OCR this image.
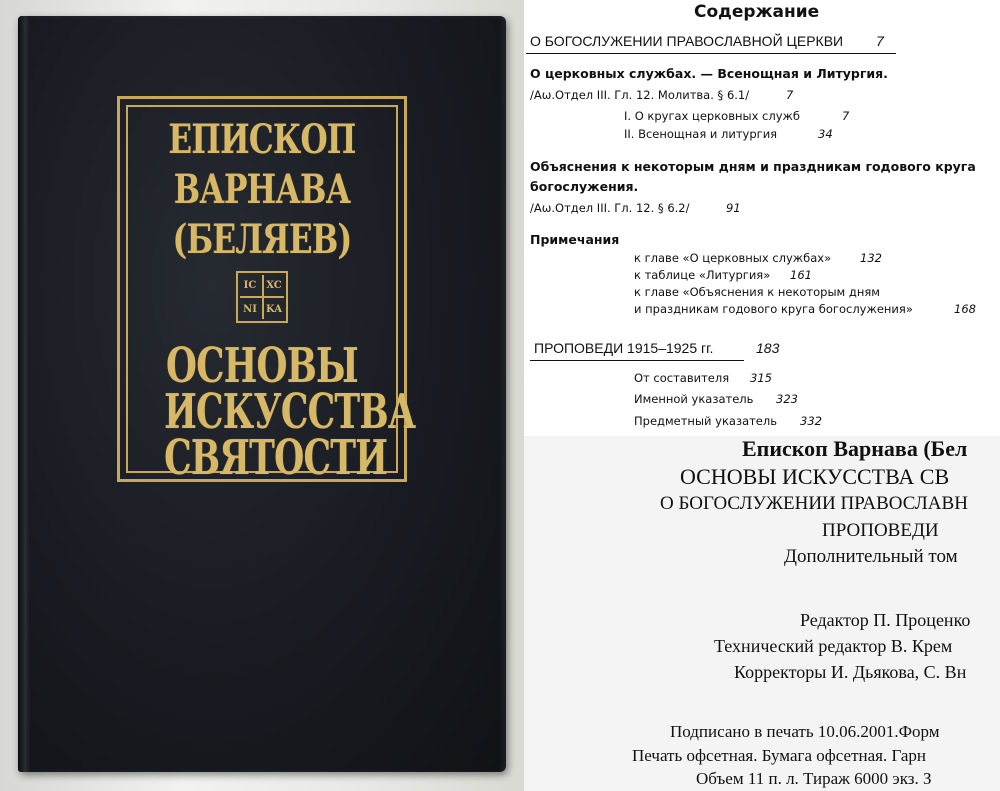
ЕПИСКОП
ВАРНАВА
(БЕЛЯЕВ)
IC XC
NI KA
ОСНОВЫ
ИСКУССТВА
СВЯТОСТИ
Содержание
О БОГОСЛУЖЕНИИ ПРАВОСЛАВНОЙ ЦЕРКВИ 7
О церковных службах. — Всенощная и Литургия.
/Αω.Отдел III. Гл. 12. Молитва. § 6.1/	7
I. О кругах церковных служб	7
II. Всенощная и литургия	34
Объяснения к некоторым дням и праздникам годового круга
богослужения.
/Αω.Отдел III. Гл. 12. § 6.2/	91
Примечания
к главе «О церковных службах»	132
к таблице «Литургия» 161
к главе «Объяснения к некоторым дням
и праздникам годового круга богослужения»	168
ПРОПОВЕДИ 1915–1925 гг.	183
От составителя 315
Именной указатель 323
Предметный указатель 332
Епископ Варнава (Бел
ОСНОВЫ ИСКУССТВА СВ
О БОГОСЛУЖЕНИИ ПРАВОСЛАВН
ПРОПОВЕДИ
Дополнительный том
Редактор П. Проценко
Технический редактор В. Крем
Корректоры И. Дьякова, С. Вн
Подписано в печать 10.06.2001.Форм
Печать офсетная. Бумага офсетная. Гарн
Объем 11 п. л. Тираж 6000 экз. З
